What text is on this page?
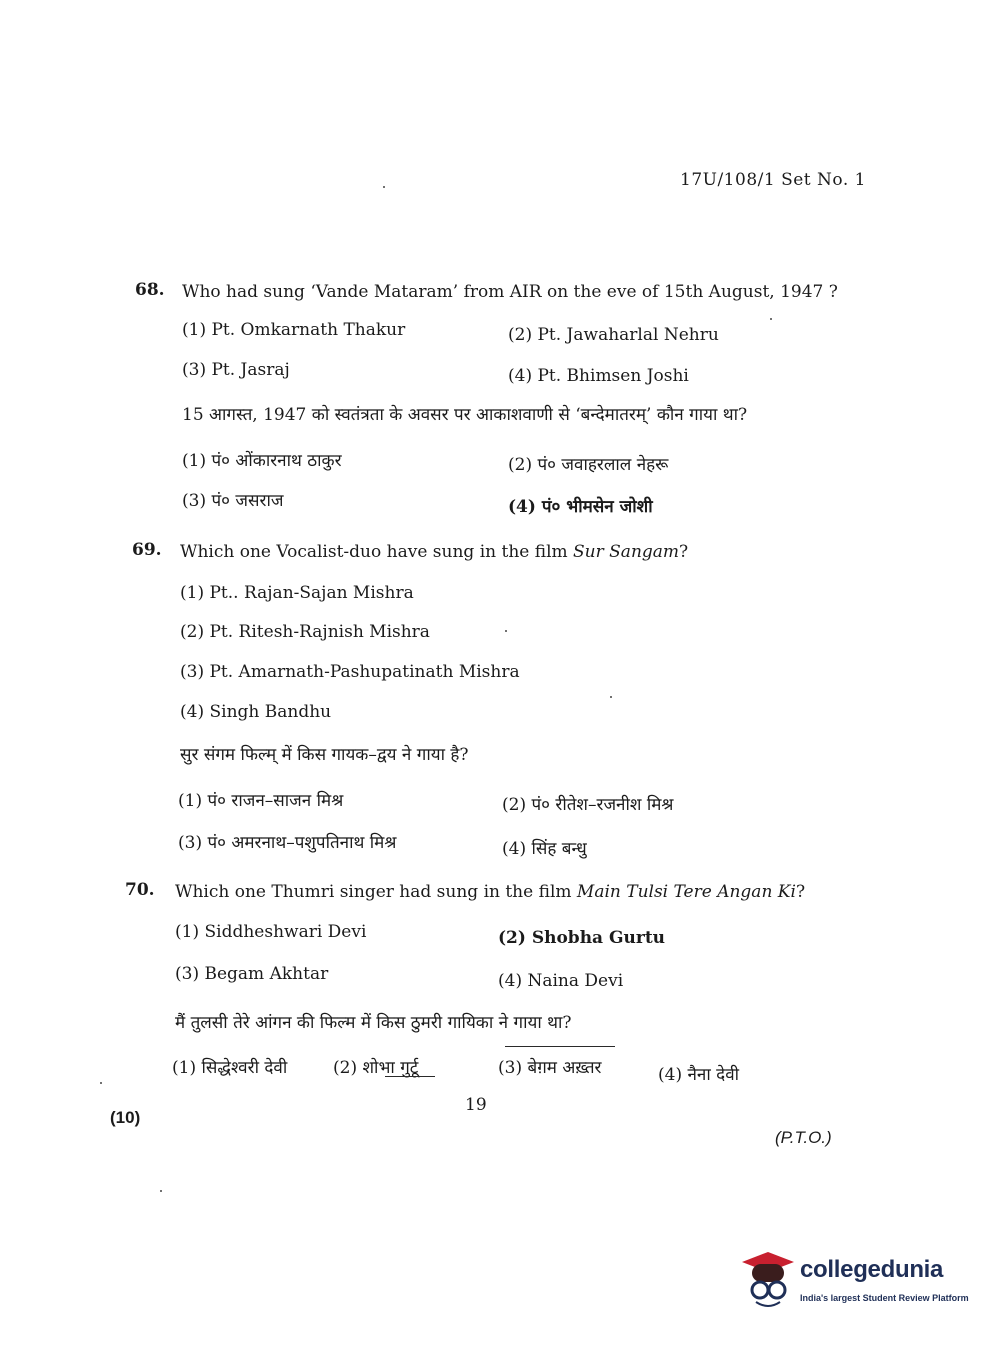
17U/108/1 Set No. 1
68. Who had sung ‘Vande Mataram’ from AIR on the eve of 15th August, 1947 ?
(1) Pt. Omkarnath Thakur	(2) Pt. Jawaharlal Nehru
(3) Pt. Jasraj	(4) Pt. Bhimsen Joshi
15 आगस्त, 1947 को स्वतंत्रता के अवसर पर आकाशवाणी से ‘बन्देमातरम्’ कौन गाया था?
(1) पं० ओंकारनाथ ठाकुर	(2) पं० जवाहरलाल नेहरू
(3) पं० जसराज	(4) पं० भीमसेन जोशी
69. Which one Vocalist-duo have sung in the film Sur Sangam?
(1) Pt.. Rajan-Sajan Mishra
(2) Pt. Ritesh-Rajnish Mishra
(3) Pt. Amarnath-Pashupatinath Mishra
(4) Singh Bandhu
सुर संगम फिल्म् में किस गायक–द्वय ने गाया है?
(1) पं० राजन–साजन मिश्र	(2) पं० रीतेश–रजनीश मिश्र
(3) पं० अमरनाथ–पशुपतिनाथ मिश्र	(4) सिंह बन्धु
70. Which one Thumri singer had sung in the film Main Tulsi Tere Angan Ki?
(1) Siddheshwari Devi	(2) Shobha Gurtu
(3) Begam Akhtar	(4) Naina Devi
मैं तुलसी तेरे आंगन की फिल्म में किस ठुमरी गायिका ने गाया था?
(1) सिद्धेश्वरी देवी	(2) शोभा गुर्टू	(3) बेग़म अख़्तर	(4) नैना देवी
19
(10)
(P.T.O.)
collegedunia
India's largest Student Review Platform
